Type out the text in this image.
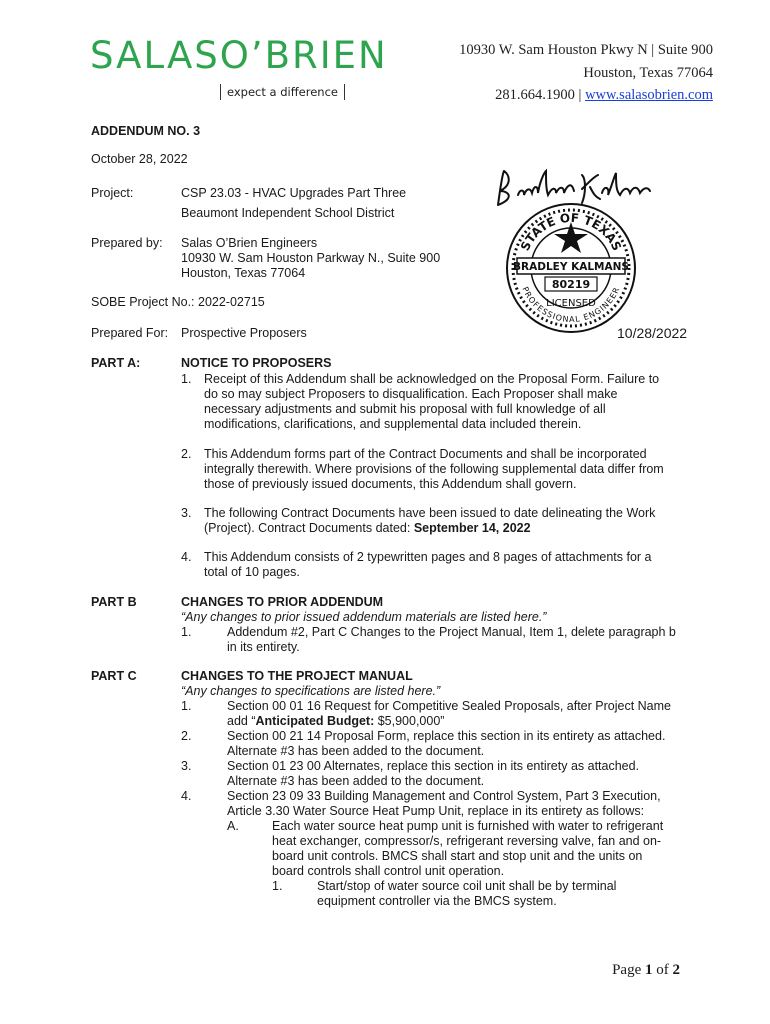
SALASO’BRIEN
expect a difference
10930 W. Sam Houston Pkwy N | Suite 900
Houston, Texas 77064
281.664.1900 | www.salasobrien.com
ADDENDUM NO. 3
October 28, 2022
Project:	CSP 23.03 - HVAC Upgrades Part Three
Beaumont Independent School District
Prepared by: Salas O’Brien Engineers
10930 W. Sam Houston Parkway N., Suite 900
Houston, Texas 77064
SOBE Project No.: 2022-02715
Prepared For: Prospective Proposers
STATE OF TEXAS
BRADLEY KALMANS
80219
LICENSED
PROFESSIONAL ENGINEER
10/28/2022
PART A:	NOTICE TO PROPOSERS
1. Receipt of this Addendum shall be acknowledged on the Proposal Form. Failure to
do so may subject Proposers to disqualification. Each Proposer shall make
necessary adjustments and submit his proposal with full knowledge of all
modifications, clarifications, and supplemental data included therein.
2. This Addendum forms part of the Contract Documents and shall be incorporated
integrally therewith. Where provisions of the following supplemental data differ from
those of previously issued documents, this Addendum shall govern.
3. The following Contract Documents have been issued to date delineating the Work
(Project). Contract Documents dated: September 14, 2022
4. This Addendum consists of 2 typewritten pages and 8 pages of attachments for a
total of 10 pages.
PART B	CHANGES TO PRIOR ADDENDUM
“Any changes to prior issued addendum materials are listed here.”
1.	Addendum #2, Part C Changes to the Project Manual, Item 1, delete paragraph b
in its entirety.
PART C	CHANGES TO THE PROJECT MANUAL
“Any changes to specifications are listed here.”
1.	Section 00 01 16 Request for Competitive Sealed Proposals, after Project Name
add “Anticipated Budget: $5,900,000”
2.	Section 00 21 14 Proposal Form, replace this section in its entirety as attached.
Alternate #3 has been added to the document.
3.	Section 01 23 00 Alternates, replace this section in its entirety as attached.
Alternate #3 has been added to the document.
4.	Section 23 09 33 Building Management and Control System, Part 3 Execution,
Article 3.30 Water Source Heat Pump Unit, replace in its entirety as follows:
A.	Each water source heat pump unit is furnished with water to refrigerant
heat exchanger, compressor/s, refrigerant reversing valve, fan and on-
board unit controls. BMCS shall start and stop unit and the units on
board controls shall control unit operation.
1.	Start/stop of water source coil unit shall be by terminal
equipment controller via the BMCS system.
Page 1 of 2
